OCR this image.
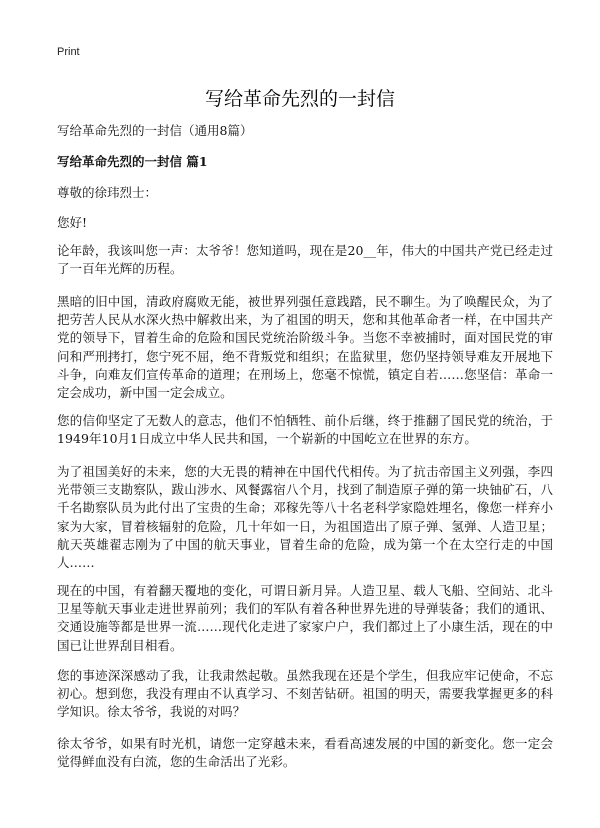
Print
写给革命先烈的一封信
写给革命先烈的一封信（通用8篇）
写给革命先烈的一封信 篇1
尊敬的徐玮烈士：
您好!

论年龄，我该叫您一声：太爷爷！您知道吗，现在是20__年，伟大的中国共产党已经走过了一百年光辉的历程。

黑暗的旧中国，清政府腐败无能，被世界列强任意践踏，民不聊生。为了唤醒民众，为了把劳苦人民从水深火热中解救出来，为了祖国的明天，您和其他革命者一样，在中国共产党的领导下，冒着生命的危险和国民党统治阶级斗争。当您不幸被捕时，面对国民党的审问和严刑拷打，您宁死不屈，绝不背叛党和组织；在监狱里，您仍坚持领导难友开展地下斗争，向难友们宣传革命的道理；在刑场上，您毫不惊慌，镇定自若……您坚信：革命一定会成功，新中国一定会成立。

您的信仰坚定了无数人的意志，他们不怕牺牲、前仆后继，终于推翻了国民党的统治，于1949年10月1日成立中华人民共和国，一个崭新的中国屹立在世界的东方。

为了祖国美好的未来，您的大无畏的精神在中国代代相传。为了抗击帝国主义列强，李四光带领三支勘察队，跋山涉水、风餐露宿八个月，找到了制造原子弹的第一块铀矿石，八千名勘察队员为此付出了宝贵的生命；邓稼先等八十名老科学家隐姓埋名，像您一样弃小家为大家，冒着核辐射的危险，几十年如一日，为祖国造出了原子弹、氢弹、人造卫星；航天英雄翟志刚为了中国的航天事业，冒着生命的危险，成为第一个在太空行走的中国人……

现在的中国，有着翻天覆地的变化，可谓日新月异。人造卫星、载人飞船、空间站、北斗卫星等航天事业走进世界前列；我们的军队有着各种世界先进的导弹装备；我们的通讯、交通设施等都是世界一流……现代化走进了家家户户，我们都过上了小康生活，现在的中国已让世界刮目相看。

您的事迹深深感动了我，让我肃然起敬。虽然我现在还是个学生，但我应牢记使命，不忘初心。想到您，我没有理由不认真学习、不刻苦钻研。祖国的明天，需要我掌握更多的科学知识。徐太爷爷，我说的对吗？

徐太爷爷，如果有时光机，请您一定穿越未来，看看高速发展的中国的新变化。您一定会觉得鲜血没有白流，您的生命活出了光彩。
